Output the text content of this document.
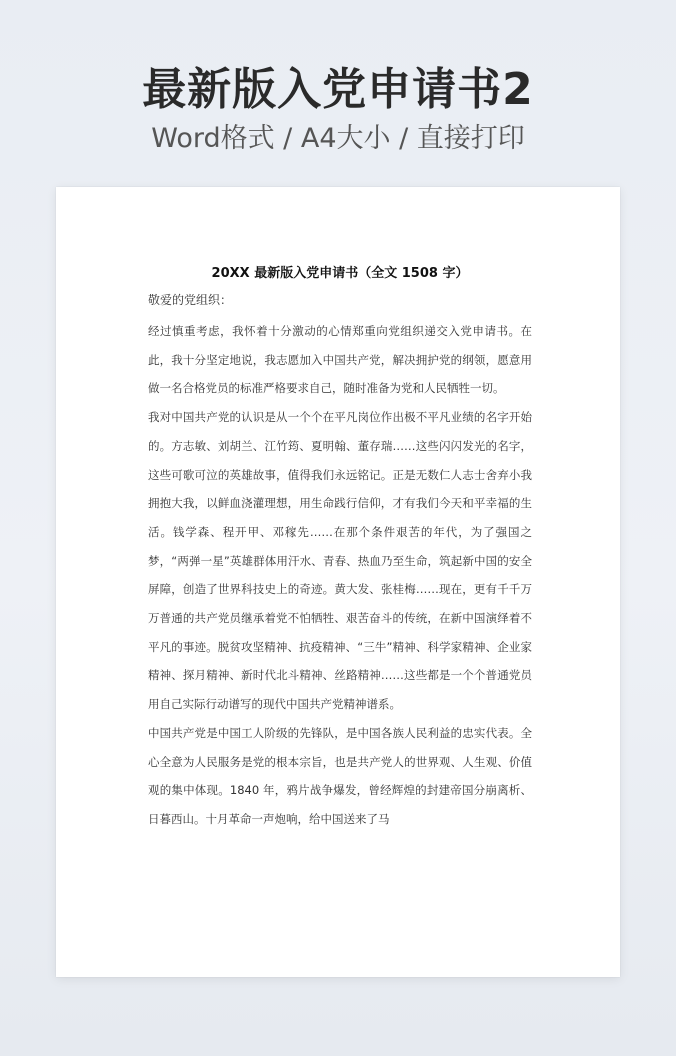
最新版入党申请书2
Word格式 / A4大小 / 直接打印
20XX 最新版入党申请书（全文 1508 字）
敬爱的党组织：

经过慎重考虑，我怀着十分激动的心情郑重向党组织递交入党申请书。在此，我十分坚定地说，我志愿加入中国共产党，解决拥护党的纲领，愿意用做一名合格党员的标准严格要求自己，随时准备为党和人民牺牲一切。

我对中国共产党的认识是从一个个在平凡岗位作出极不平凡业绩的名字开始的。方志敏、刘胡兰、江竹筠、夏明翰、董存瑞……这些闪闪发光的名字，这些可歌可泣的英雄故事，值得我们永远铭记。正是无数仁人志士舍弃小我拥抱大我，以鲜血浇灌理想，用生命践行信仰，才有我们今天和平幸福的生活。钱学森、程开甲、邓稼先……在那个条件艰苦的年代，为了强国之梦，“两弹一星”英雄群体用汗水、青春、热血乃至生命，筑起新中国的安全屏障，创造了世界科技史上的奇迹。黄大发、张桂梅……现在，更有千千万万普通的共产党员继承着党不怕牺牲、艰苦奋斗的传统，在新中国演绎着不平凡的事迹。脱贫攻坚精神、抗疫精神、“三牛”精神、科学家精神、企业家精神、探月精神、新时代北斗精神、丝路精神……这些都是一个个普通党员用自己实际行动谱写的现代中国共产党精神谱系。

中国共产党是中国工人阶级的先锋队，是中国各族人民利益的忠实代表。全心全意为人民服务是党的根本宗旨，也是共产党人的世界观、人生观、价值观的集中体现。1840 年，鸦片战争爆发，曾经辉煌的封建帝国分崩离析、日暮西山。十月革命一声炮响，给中国送来了马
